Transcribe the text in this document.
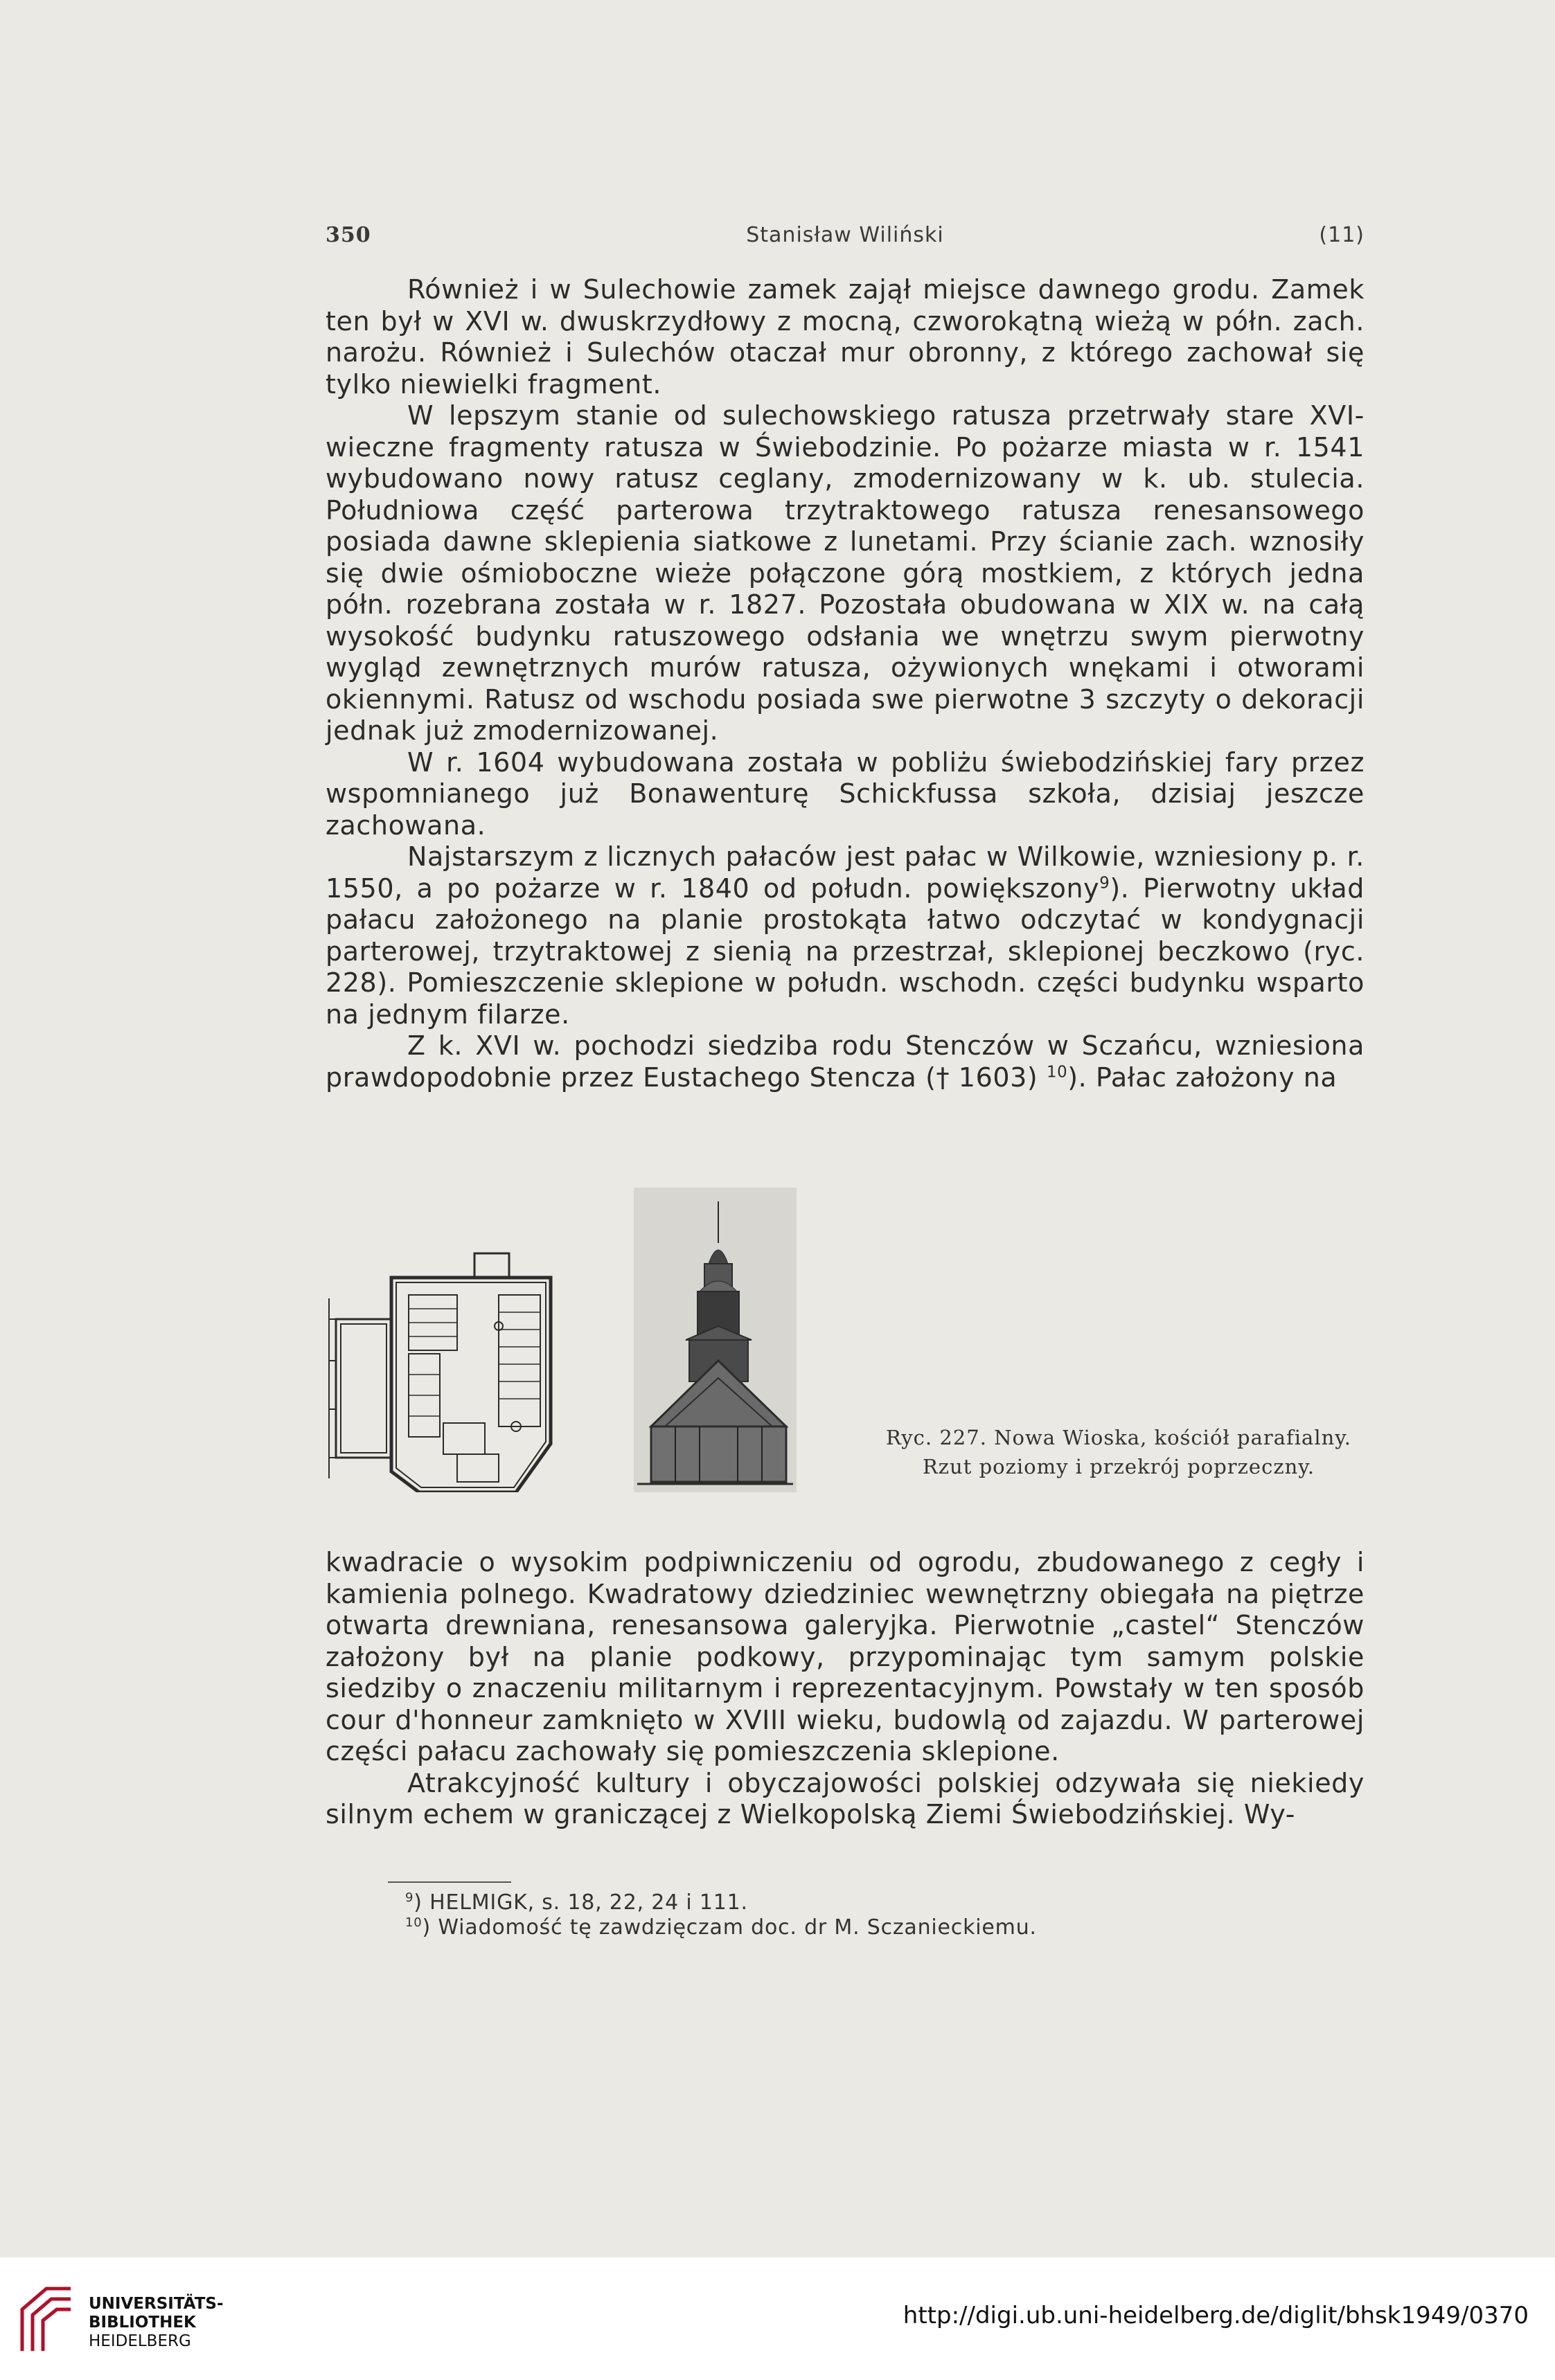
350	Stanisław Wiliński	(11)

Również i w Sulechowie zamek zajął miejsce dawnego grodu. Zamek ten był w XVI w. dwuskrzydłowy z mocną, czworokątną wieżą w półn. zach. narożu. Również i Sulechów otaczał mur obronny, z którego zachował się tylko niewielki fragment.

W lepszym stanie od sulechowskiego ratusza przetrwały stare XVI-wieczne fragmenty ratusza w Świebodzinie. Po pożarze miasta w r. 1541 wybudowano nowy ratusz ceglany, zmodernizowany w k. ub. stulecia. Południowa część parterowa trzytraktowego ratusza renesansowego posiada dawne sklepienia siatkowe z lunetami. Przy ścianie zach. wznosiły się dwie ośmioboczne wieże połączone górą mostkiem, z których jedna półn. rozebrana została w r. 1827. Pozostała obudowana w XIX w. na całą wysokość budynku ratuszowego odsłania we wnętrzu swym pierwotny wygląd zewnętrznych murów ratusza, ożywionych wnękami i otworami okiennymi. Ratusz od wschodu posiada swe pierwotne 3 szczyty o dekoracji jednak już zmodernizowanej.

W r. 1604 wybudowana została w pobliżu świebodzińskiej fary przez wspomnianego już Bonawenturę Schickfussa szkoła, dzisiaj jeszcze zachowana.

Najstarszym z licznych pałaców jest pałac w Wilkowie, wzniesiony p. r. 1550, a po pożarze w r. 1840 od połudn. powiększony$^9$). Pierwotny układ pałacu założonego na planie prostokąta łatwo odczytać w kondygnacji parterowej, trzytraktowej z sienią na przestrzał, sklepionej beczkowo (ryc. 228). Pomieszczenie sklepione w połudn. wschodn. części budynku wsparto na jednym filarze.

Z k. XVI w. pochodzi siedziba rodu Stenczów w Sczańcu, wzniesiona prawdopodobnie przez Eustachego Stencza († 1603) $^{10}$). Pałac założony na

Ryc. 227. Nowa Wioska, kościół parafialny.
Rzut poziomy i przekrój poprzeczny.

kwadracie o wysokim podpiwniczeniu od ogrodu, zbudowanego z cegły i kamienia polnego. Kwadratowy dziedziniec wewnętrzny obiegała na piętrze otwarta drewniana, renesansowa galeryjka. Pierwotnie „castel“ Stenczów założony był na planie podkowy, przypominając tym samym polskie siedziby o znaczeniu militarnym i reprezentacyjnym. Powstały w ten sposób cour d'honneur zamknięto w XVIII wieku, budowlą od zajazdu. W parterowej części pałacu zachowały się pomieszczenia sklepione.

Atrakcyjność kultury i obyczajowości polskiej odzywała się niekiedy silnym echem w graniczącej z Wielkopolską Ziemi Świebodzińskiej. Wy-

$^9$) HELMIGK, s. 18, 22, 24 i 111.
$^{10}$) Wiadomość tę zawdzięczam doc. dr M. Sczanieckiemu.
UNIVERSITÄTS-
BIBLIOTHEK
HEIDELBERG
http://digi.ub.uni-heidelberg.de/diglit/bhsk1949/0370
